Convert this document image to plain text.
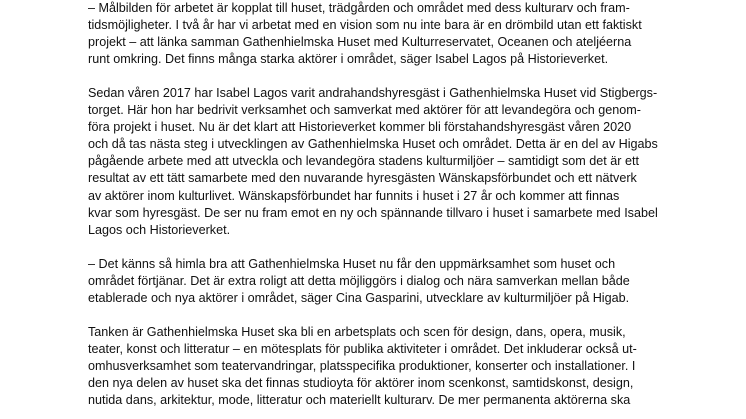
– Målbilden för arbetet är kopplat till huset, trädgården och området med dess kulturarv och fram-
tidsmöjligheter. I två år har vi arbetat med en vision som nu inte bara är en drömbild utan ett faktiskt
projekt – att länka samman Gathenhielmska Huset med Kulturreservatet, Oceanen och ateljéerna
runt omkring. Det finns många starka aktörer i området, säger Isabel Lagos på Historieverket.

Sedan våren 2017 har Isabel Lagos varit andrahandshyresgäst i Gathenhielmska Huset vid Stigbergs-
torget. Här hon har bedrivit verksamhet och samverkat med aktörer för att levandegöra och genom-
föra projekt i huset. Nu är det klart att Historieverket kommer bli förstahandshyresgäst våren 2020
och då tas nästa steg i utvecklingen av Gathenhielmska Huset och området. Detta är en del av Higabs
pågående arbete med att utveckla och levandegöra stadens kulturmiljöer – samtidigt som det är ett
resultat av ett tätt samarbete med den nuvarande hyresgästen Wänskapsförbundet och ett nätverk
av aktörer inom kulturlivet. Wänskapsförbundet har funnits i huset i 27 år och kommer att finnas
kvar som hyresgäst. De ser nu fram emot en ny och spännande tillvaro i huset i samarbete med Isabel
Lagos och Historieverket.

– Det känns så himla bra att Gathenhielmska Huset nu får den uppmärksamhet som huset och
området förtjänar. Det är extra roligt att detta möjliggörs i dialog och nära samverkan mellan både
etablerade och nya aktörer i området, säger Cina Gasparini, utvecklare av kulturmiljöer på Higab.

Tanken är Gathenhielmska Huset ska bli en arbetsplats och scen för design, dans, opera, musik,
teater, konst och litteratur – en mötesplats för publika aktiviteter i området. Det inkluderar också ut-
omhusverksamhet som teatervandringar, platsspecifika produktioner, konserter och installationer. I
den nya delen av huset ska det finnas studioyta för aktörer inom scenkonst, samtidskonst, design,
nutida dans, arkitektur, mode, litteratur och materiellt kulturarv. De mer permanenta aktörerna ska
